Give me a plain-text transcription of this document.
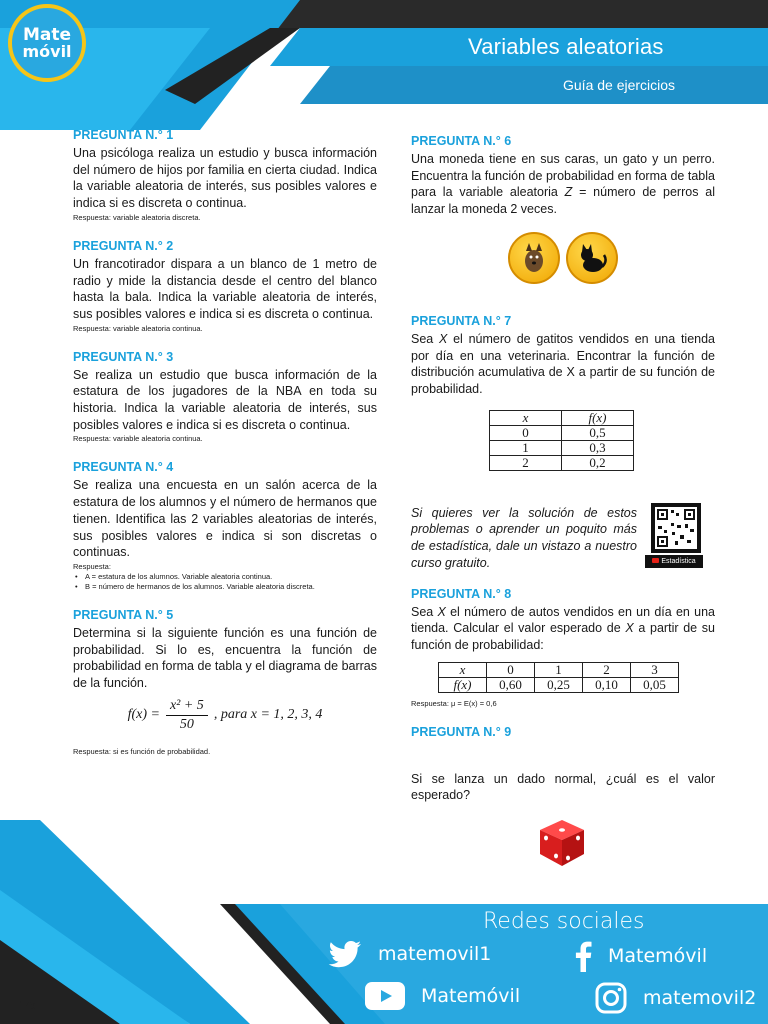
Mate
móvil	Variables aleatorias
Guía de ejercicios
PREGUNTA N.° 1
Una psicóloga realiza un estudio y busca información del número de hijos por familia en cierta ciudad. Indica la variable aleatoria de interés, sus posibles valores e indica si es discreta o continua.
Respuesta: variable aleatoria discreta.
PREGUNTA N.° 2
Un francotirador dispara a un blanco de 1 metro de radio y mide la distancia desde el centro del blanco hasta la bala. Indica la variable aleatoria de interés, sus posibles valores e indica si es discreta o continua.
Respuesta: variable aleatoria continua.
PREGUNTA N.° 3
Se realiza un estudio que busca información de la estatura de los jugadores de la NBA en toda su historia. Indica la variable aleatoria de interés, sus posibles valores e indica si es discreta o continua.
Respuesta: variable aleatoria continua.
PREGUNTA N.° 4
Se realiza una encuesta en un salón acerca de la estatura de los alumnos y el número de hermanos que tienen. Identifica las 2 variables aleatorias de interés, sus posibles valores e indica si son discretas o continuas.
Respuesta:
• A = estatura de los alumnos. Variable aleatoria continua.
• B = número de hermanos de los alumnos. Variable aleatoria discreta.
PREGUNTA N.° 5
Determina si la siguiente función es una función de probabilidad. Si lo es, encuentra la función de probabilidad en forma de tabla y el diagrama de barras de la función.
$f(x) = \frac{\text{x² + 5}}{50}$ , para x = 1, 2, 3, 4
Respuesta: si es función de probabilidad.
PREGUNTA N.° 6
Una moneda tiene en sus caras, un gato y un perro. Encuentra la función de probabilidad en forma de tabla para la variable aleatoria Z = número de perros al lanzar la moneda 2 veces.
PREGUNTA N.° 7
Sea X el número de gatitos vendidos en una tienda por día en una veterinaria. Encontrar la función de distribución acumulativa de X a partir de su función de probabilidad.
x	f(x)
0	0,5
1	0,3
2	0,2
Si quieres ver la solución de estos problemas o aprender un poquito más de estadística, dale un vistazo a nuestro curso gratuito.	Estadística
PREGUNTA N.° 8
Sea X el número de autos vendidos en un día en una tienda. Calcular el valor esperado de X a partir de su función de probabilidad:
x	0	1	2	3
f(x)	0,60	0,25	0,10	0,05
Respuesta: μ = E(x) = 0,6
PREGUNTA N.° 9
Si se lanza un dado normal, ¿cuál es el valor esperado?
Redes sociales
matemovil1	Matemóvil
Matemóvil	matemovil2
1/3
